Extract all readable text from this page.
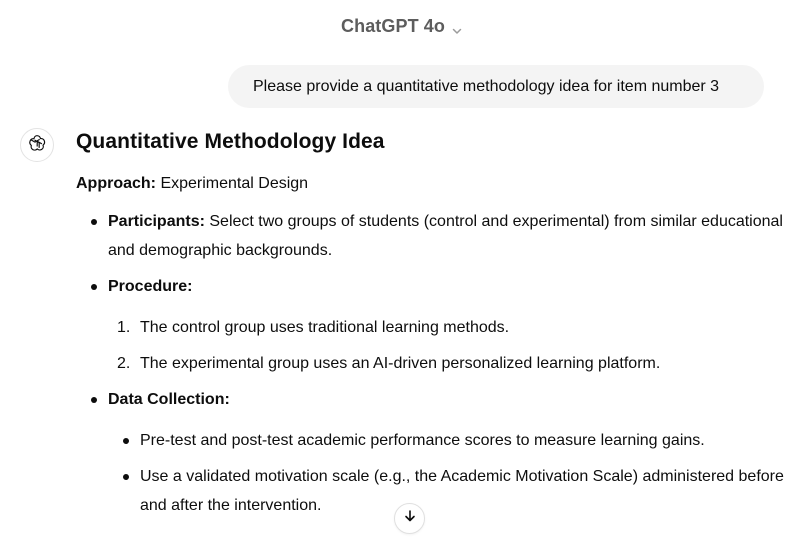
ChatGPT 4o
Please provide a quantitative methodology idea for item number 3
Quantitative Methodology Idea
Approach: Experimental Design
Participants: Select two groups of students (control and experimental) from similar educational and demographic backgrounds.
Procedure:
1. The control group uses traditional learning methods.
2. The experimental group uses an AI-driven personalized learning platform.
Data Collection:
Pre-test and post-test academic performance scores to measure learning gains.
Use a validated motivation scale (e.g., the Academic Motivation Scale) administered before and after the intervention.
